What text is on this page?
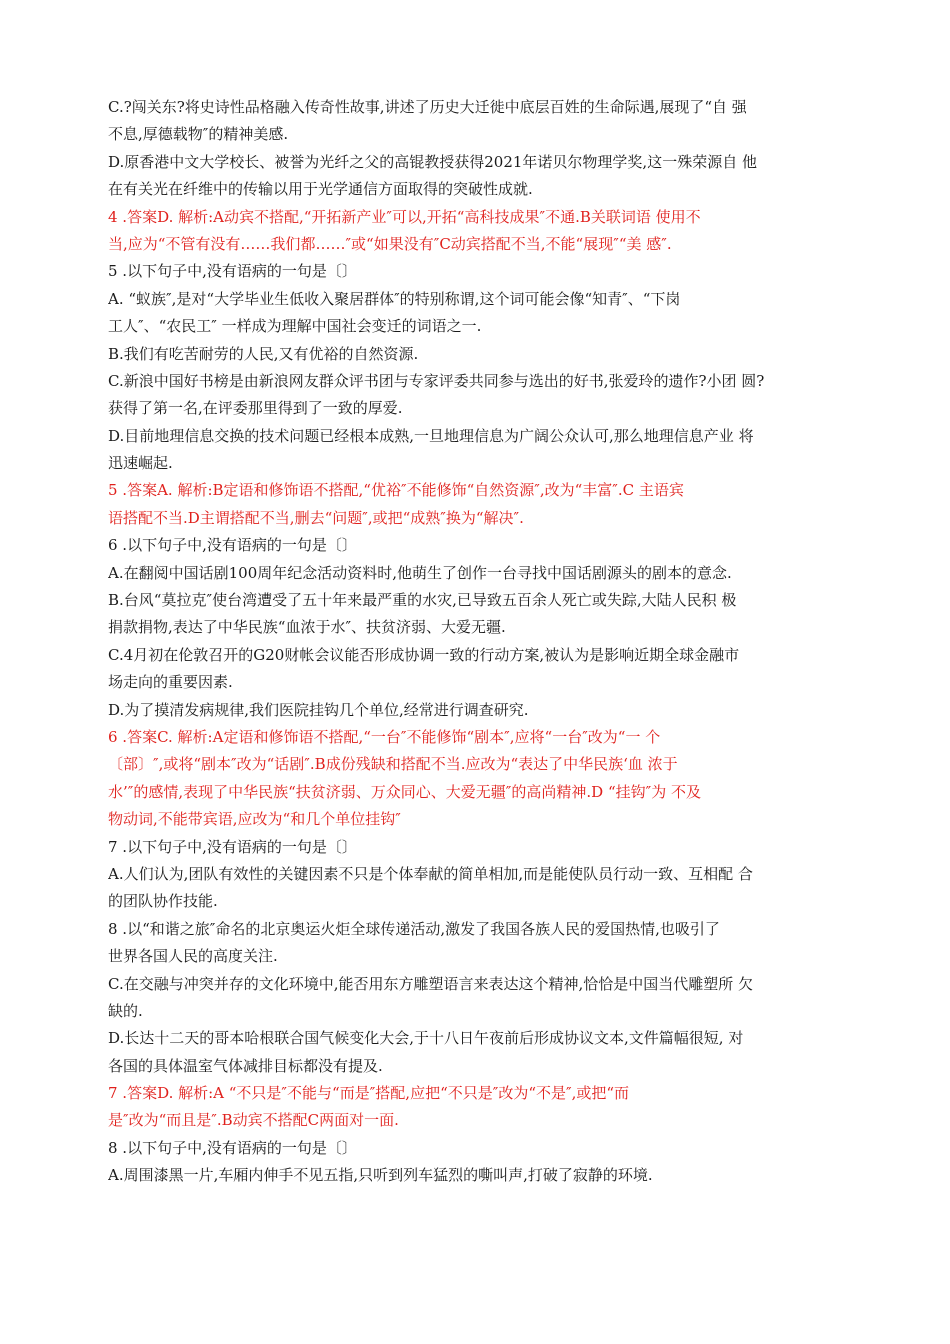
C.?闯关东?将史诗性品格融入传奇性故事,讲述了历史大迁徙中底层百姓的生命际遇,展现了“自 强
不息,厚德载物″的精神美感.
D.原香港中文大学校长、被誉为光纤之父的高锟教授获得2021年诺贝尔物理学奖,这一殊荣源自 他
在有关光在纤维中的传输以用于光学通信方面取得的突破性成就.
4 .答案D. 解析:A动宾不搭配,“开拓新产业″可以,开拓“高科技成果″不通.B关联词语 使用不
当,应为“不管有没有……我们都……″或“如果没有″C动宾搭配不当,不能“展现″“美 感″.
5 .以下句子中,没有语病的一句是〔〕
A. “蚁族″,是对“大学毕业生低收入聚居群体″的特别称谓,这个词可能会像“知青″、“下岗
工人″、“农民工″ 一样成为理解中国社会变迁的词语之一.
B.我们有吃苦耐劳的人民,又有优裕的自然资源.
C.新浪中国好书榜是由新浪网友群众评书团与专家评委共同参与选出的好书,张爱玲的遗作?小团 圆?
获得了第一名,在评委那里得到了一致的厚爱.
D.目前地理信息交换的技术问题已经根本成熟,一旦地理信息为广阔公众认可,那么地理信息产业 将
迅速崛起.
5 .答案A. 解析:B定语和修饰语不搭配,“优裕″不能修饰“自然资源″,改为“丰富″.C 主语宾
语搭配不当.D主谓搭配不当,删去“问题″,或把“成熟″换为“解决″.
6 .以下句子中,没有语病的一句是〔〕
A.在翻阅中国话剧100周年纪念活动资料时,他萌生了创作一台寻找中国话剧源头的剧本的意念.
B.台风“莫拉克″使台湾遭受了五十年来最严重的水灾,已导致五百余人死亡或失踪,大陆人民积 极
捐款捐物,表达了中华民族“血浓于水″、扶贫济弱、大爱无疆.
C.4月初在伦敦召开的G20财帐会议能否形成协调一致的行动方案,被认为是影响近期全球金融市
场走向的重要因素.
D.为了摸清发病规律,我们医院挂钩几个单位,经常进行调查研究.
6 .答案C. 解析:A定语和修饰语不搭配,“一台″不能修饰“剧本″,应将“一台″改为“一 个
〔部〕″,或将“剧本″改为“话剧″.B成份残缺和搭配不当.应改为“表达了中华民族‘血 浓于
水’″的感情,表现了中华民族“扶贫济弱、万众同心、大爱无疆″的高尚精神.D “挂钩″为 不及
物动词,不能带宾语,应改为“和几个单位挂钩″
7 .以下句子中,没有语病的一句是〔〕
A.人们认为,团队有效性的关键因素不只是个体奉献的简单相加,而是能使队员行动一致、互相配 合
的团队协作技能.
8 .以“和谐之旅″命名的北京奥运火炬全球传递活动,激发了我国各族人民的爱国热情,也吸引了
世界各国人民的高度关注.
C.在交融与冲突并存的文化环境中,能否用东方雕塑语言来表达这个精神,恰恰是中国当代雕塑所 欠
缺的.
D.长达十二天的哥本哈根联合国气候变化大会,于十八日午夜前后形成协议文本,文件篇幅很短, 对
各国的具体温室气体减排目标都没有提及.
7 .答案D. 解析:A “不只是″不能与“而是″搭配,应把“不只是″改为“不是″,或把“而
是″改为“而且是″.B动宾不搭配C两面对一面.
8 .以下句子中,没有语病的一句是〔〕
A.周围漆黑一片,车厢内伸手不见五指,只听到列车猛烈的嘶叫声,打破了寂静的环境.
